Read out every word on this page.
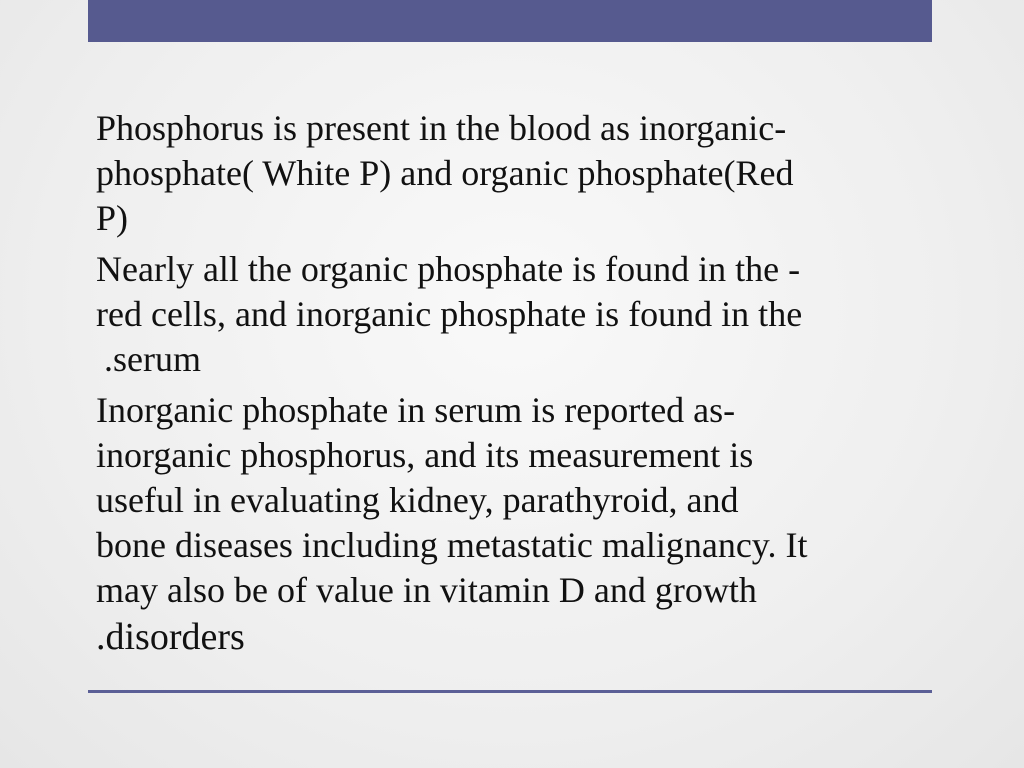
Phosphorus is present in the blood as inorganic-
phosphate( White P) and organic phosphate(Red
P)
Nearly all the organic phosphate is found in the -
red cells, and inorganic phosphate is found in the
.serum
Inorganic phosphate in serum is reported as-
inorganic phosphorus, and its measurement is
useful in evaluating kidney, parathyroid, and
bone diseases including metastatic malignancy. It
may also be of value in vitamin D and growth
.disorders
